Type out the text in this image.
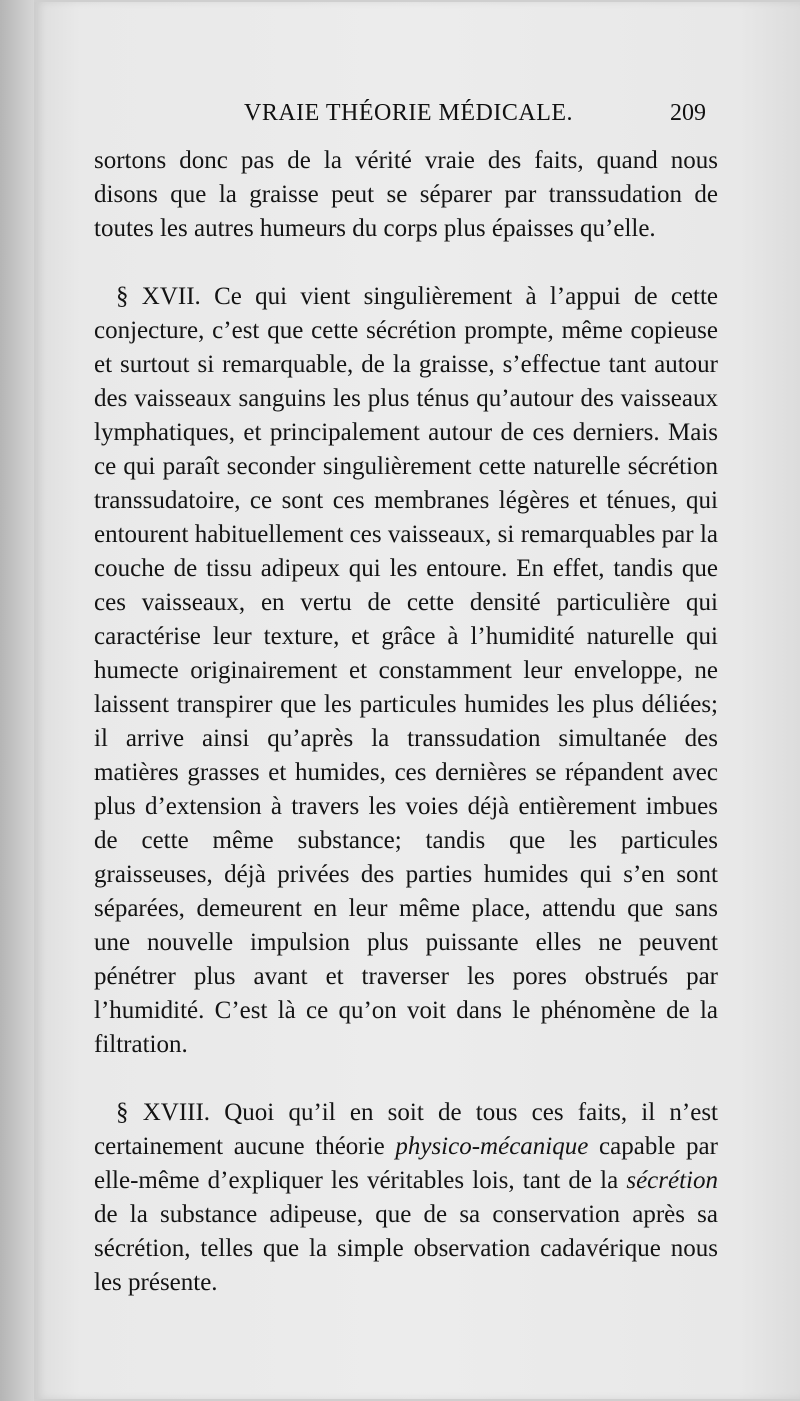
VRAIE THÉORIE MÉDICALE.	209

sortons donc pas de la vérité vraie des faits, quand nous disons que la graisse peut se séparer par transsudation de toutes les autres humeurs du corps plus épaisses qu’elle.

§ XVII. Ce qui vient singulièrement à l’appui de cette conjecture, c’est que cette sécrétion prompte, même copieuse et surtout si remarquable, de la graisse, s’effectue tant autour des vaisseaux sanguins les plus ténus qu’autour des vaisseaux lymphatiques, et principalement autour de ces derniers. Mais ce qui paraît seconder singulièrement cette naturelle sécrétion transsudatoire, ce sont ces membranes légères et ténues, qui entourent habituellement ces vaisseaux, si remarquables par la couche de tissu adipeux qui les entoure. En effet, tandis que ces vaisseaux, en vertu de cette densité particulière qui caractérise leur texture, et grâce à l’humidité naturelle qui humecte originairement et constamment leur enveloppe, ne laissent transpirer que les particules humides les plus déliées; il arrive ainsi qu’après la transsudation simultanée des matières grasses et humides, ces dernières se répandent avec plus d’extension à travers les voies déjà entièrement imbues de cette même substance; tandis que les particules graisseuses, déjà privées des parties humides qui s’en sont séparées, demeurent en leur même place, attendu que sans une nouvelle impulsion plus puissante elles ne peuvent pénétrer plus avant et traverser les pores obstrués par l’humidité. C’est là ce qu’on voit dans le phénomène de la filtration.

§ XVIII. Quoi qu’il en soit de tous ces faits, il n’est certainement aucune théorie physico-mécanique capable par elle-même d’expliquer les véritables lois, tant de la sécrétion de la substance adipeuse, que de sa conservation après sa sécrétion, telles que la simple observation cadavérique nous les présente.
